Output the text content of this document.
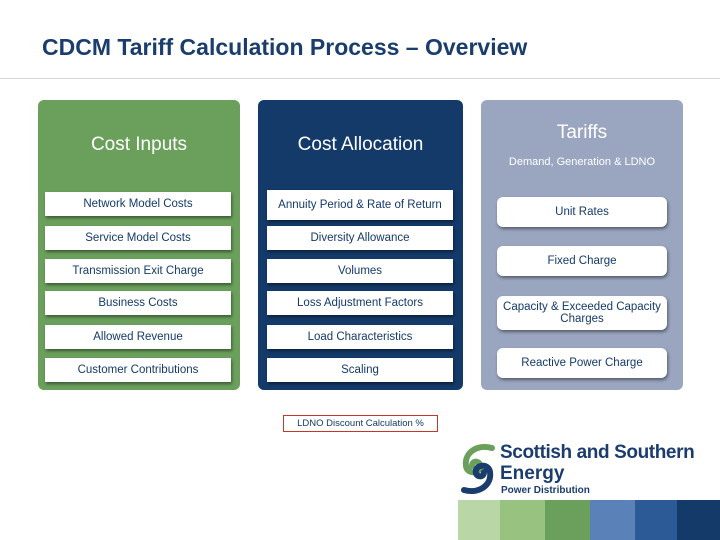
CDCM Tariff Calculation Process – Overview
Cost Inputs	Cost Allocation
Tariffs
Demand, Generation & LDNO
Network Model Costs
Service Model Costs
Transmission Exit Charge
Business Costs
Allowed Revenue
Customer Contributions
Annuity Period & Rate of Return
Diversity Allowance
Volumes
Loss Adjustment Factors
Load Characteristics
Scaling
Unit Rates
Fixed Charge
Capacity & Exceeded Capacity Charges
Reactive Power Charge
LDNO Discount Calculation %
Scottish and Southern
Energy
Power Distribution
